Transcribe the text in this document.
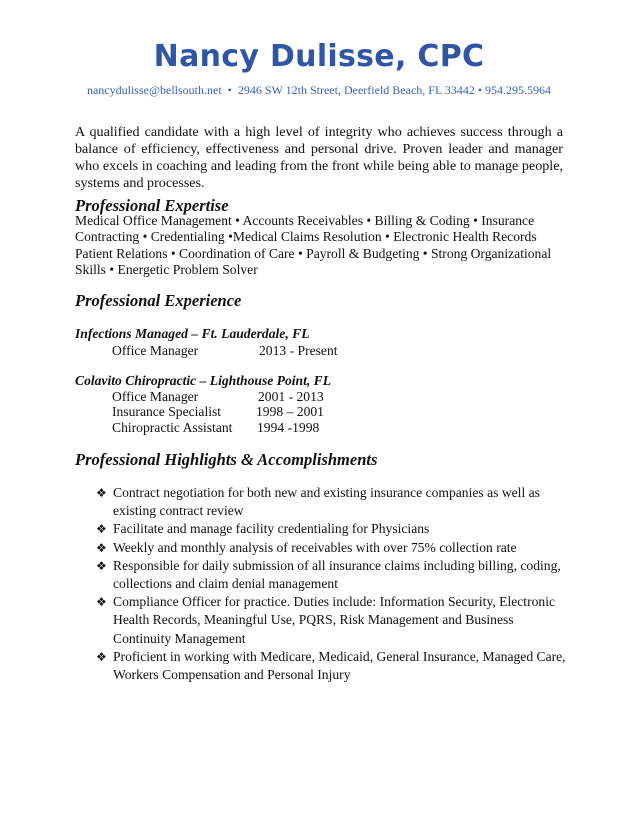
Nancy Dulisse, CPC
nancydulisse@bellsouth.net • 2946 SW 12th Street, Deerfield Beach, FL 33442 • 954.295.5964

A qualified candidate with a high level of integrity who achieves success through a balance of efficiency, effectiveness and personal drive. Proven leader and manager who excels in coaching and leading from the front while being able to manage people, systems and processes.

Professional Expertise

Medical Office Management • Accounts Receivables • Billing & Coding • Insurance Contracting • Credentialing •Medical Claims Resolution • Electronic Health Records Patient Relations • Coordination of Care • Payroll & Budgeting • Strong Organizational Skills • Energetic Problem Solver

Professional Experience
Infections Managed – Ft. Lauderdale, FL
Office Manager	2013 - Present
Colavito Chiropractic – Lighthouse Point, FL
Office Manager	2001 - 2013
Insurance Specialist	1998 – 2001
Chiropractic Assistant 1994 -1998
Professional Highlights & Accomplishments
❖ Contract negotiation for both new and existing insurance companies as well as existing contract review
❖ Facilitate and manage facility credentialing for Physicians
❖ Weekly and monthly analysis of receivables with over 75% collection rate
❖ Responsible for daily submission of all insurance claims including billing, coding, collections and claim denial management
❖ Compliance Officer for practice. Duties include: Information Security, Electronic Health Records, Meaningful Use, PQRS, Risk Management and Business Continuity Management
❖ Proficient in working with Medicare, Medicaid, General Insurance, Managed Care, Workers Compensation and Personal Injury
